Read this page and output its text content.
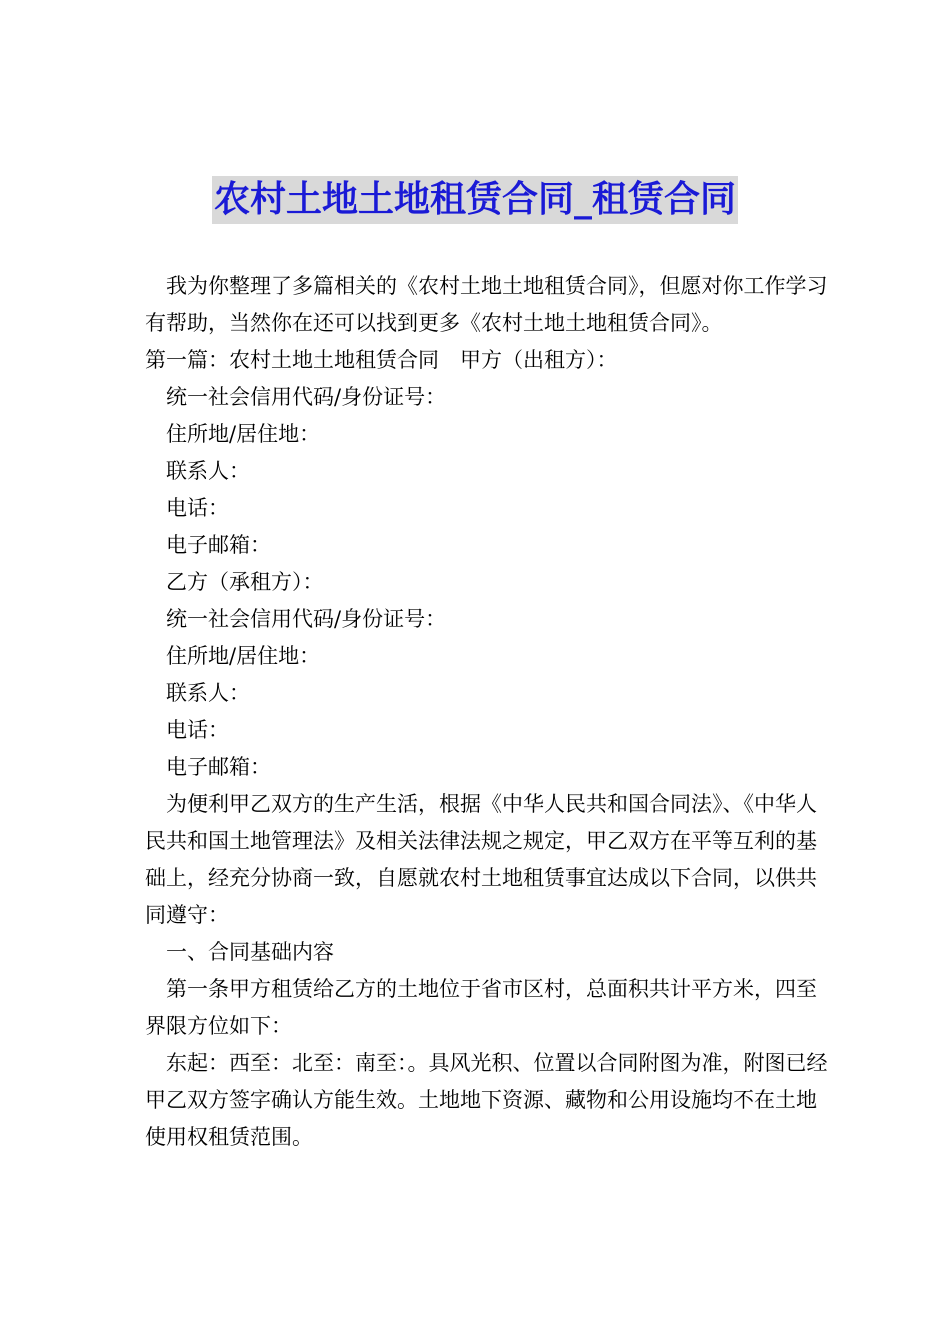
农村土地土地租赁合同_租赁合同

我为你整理了多篇相关的《农村土地土地租赁合同》，但愿对你工作学习有帮助，当然你在还可以找到更多《农村土地土地租赁合同》。

第一篇：农村土地土地租赁合同　甲方（出租方）：

统一社会信用代码/身份证号：

住所地/居住地：

联系人：

电话：

电子邮箱：

乙方（承租方）：

统一社会信用代码/身份证号：

住所地/居住地：

联系人：

电话：

电子邮箱：

为便利甲乙双方的生产生活，根据《中华人民共和国合同法》、《中华人民共和国土地管理法》及相关法律法规之规定，甲乙双方在平等互利的基础上，经充分协商一致，自愿就农村土地租赁事宜达成以下合同，以供共同遵守：

一、合同基础内容

第一条甲方租赁给乙方的土地位于省市区村，总面积共计平方米，四至界限方位如下：

东起：西至：北至：南至：。具风光积、位置以合同附图为准，附图已经甲乙双方签字确认方能生效。土地地下资源、藏物和公用设施均不在土地使用权租赁范围。
